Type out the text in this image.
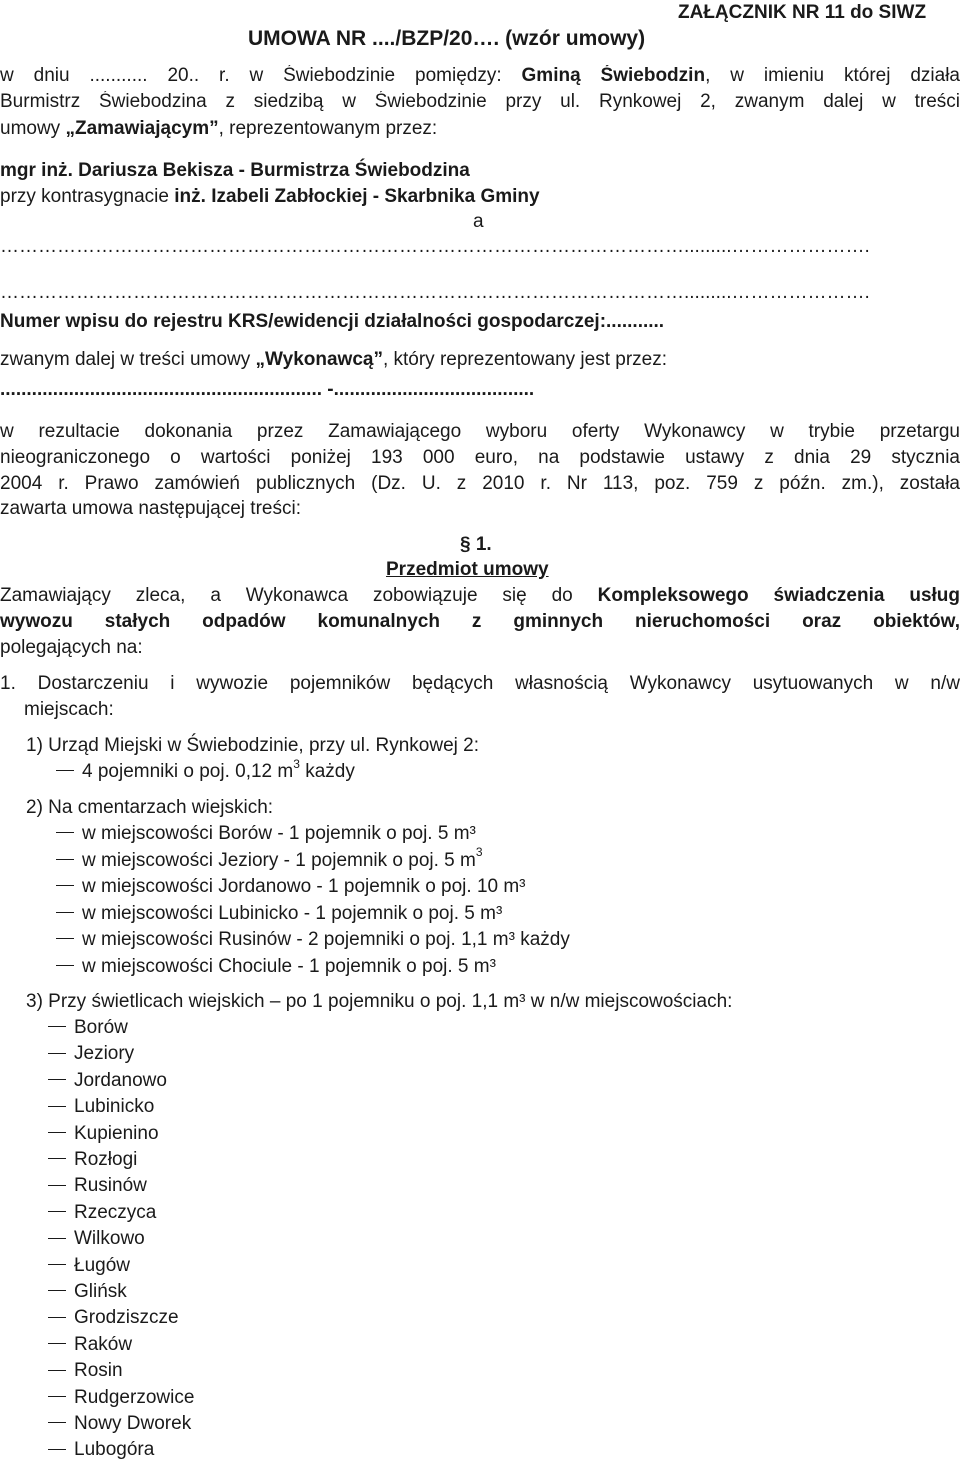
ZAŁĄCZNIK NR 11 do SIWZ
UMOWA NR ..../BZP/20…. (wzór umowy)
w dniu ........... 20.. r. w Świebodzinie pomiędzy: Gminą Świebodzin, w imieniu której działa
Burmistrz Świebodzina z siedzibą w Świebodzinie przy ul. Rynkowej 2, zwanym dalej w treści
umowy „Zamawiającym”, reprezentowanym przez:
mgr inż. Dariusza Bekisza - Burmistrza Świebodzina
przy kontrasygnacie inż. Izabeli Zabłockiej - Skarbnika Gminy
a
……………………………………………………………………………………………….........………………….
……………………………………………………………………………………………….........………………….
Numer wpisu do rejestru KRS/ewidencji działalności gospodarczej:...........
zwanym dalej w treści umowy „Wykonawcą”, który reprezentowany jest przez:
............................................................. -......................................
w rezultacie dokonania przez Zamawiającego wyboru oferty Wykonawcy w trybie przetargu
nieograniczonego o wartości poniżej 193 000 euro, na podstawie ustawy z dnia 29 stycznia
2004 r. Prawo zamówień publicznych (Dz. U. z 2010 r. Nr 113, poz. 759 z późn. zm.), została
zawarta umowa następującej treści:
§ 1.
Przedmiot umowy
Zamawiający zleca, a Wykonawca zobowiązuje się do Kompleksowego świadczenia usług
wywozu stałych odpadów komunalnych z gminnych nieruchomości oraz obiektów,
polegających na:
1. Dostarczeniu i wywozie pojemników będących własnością Wykonawcy usytuowanych w n/w
miejscach:
1) Urząd Miejski w Świebodzinie, przy ul. Rynkowej 2:
4 pojemniki o poj. 0,12 $m^3$ każdy
2) Na cmentarzach wiejskich:
w miejscowości Borów - 1 pojemnik o poj. 5 m³
w miejscowości Jeziory - 1 pojemnik o poj. 5 $m^3$
w miejscowości Jordanowo - 1 pojemnik o poj. 10 m³
w miejscowości Lubinicko - 1 pojemnik o poj. 5 m³
w miejscowości Rusinów - 2 pojemniki o poj. 1,1 m³ każdy
w miejscowości Chociule - 1 pojemnik o poj. 5 m³
3) Przy świetlicach wiejskich – po 1 pojemniku o poj. 1,1 m³ w n/w miejscowościach:
Borów
Jeziory
Jordanowo
Lubinicko
Kupienino
Rozłogi
Rusinów
Rzeczyca
Wilkowo
Ługów
Glińsk
Grodziszcze
Raków
Rosin
Rudgerzowice
Nowy Dworek
Lubogóra
